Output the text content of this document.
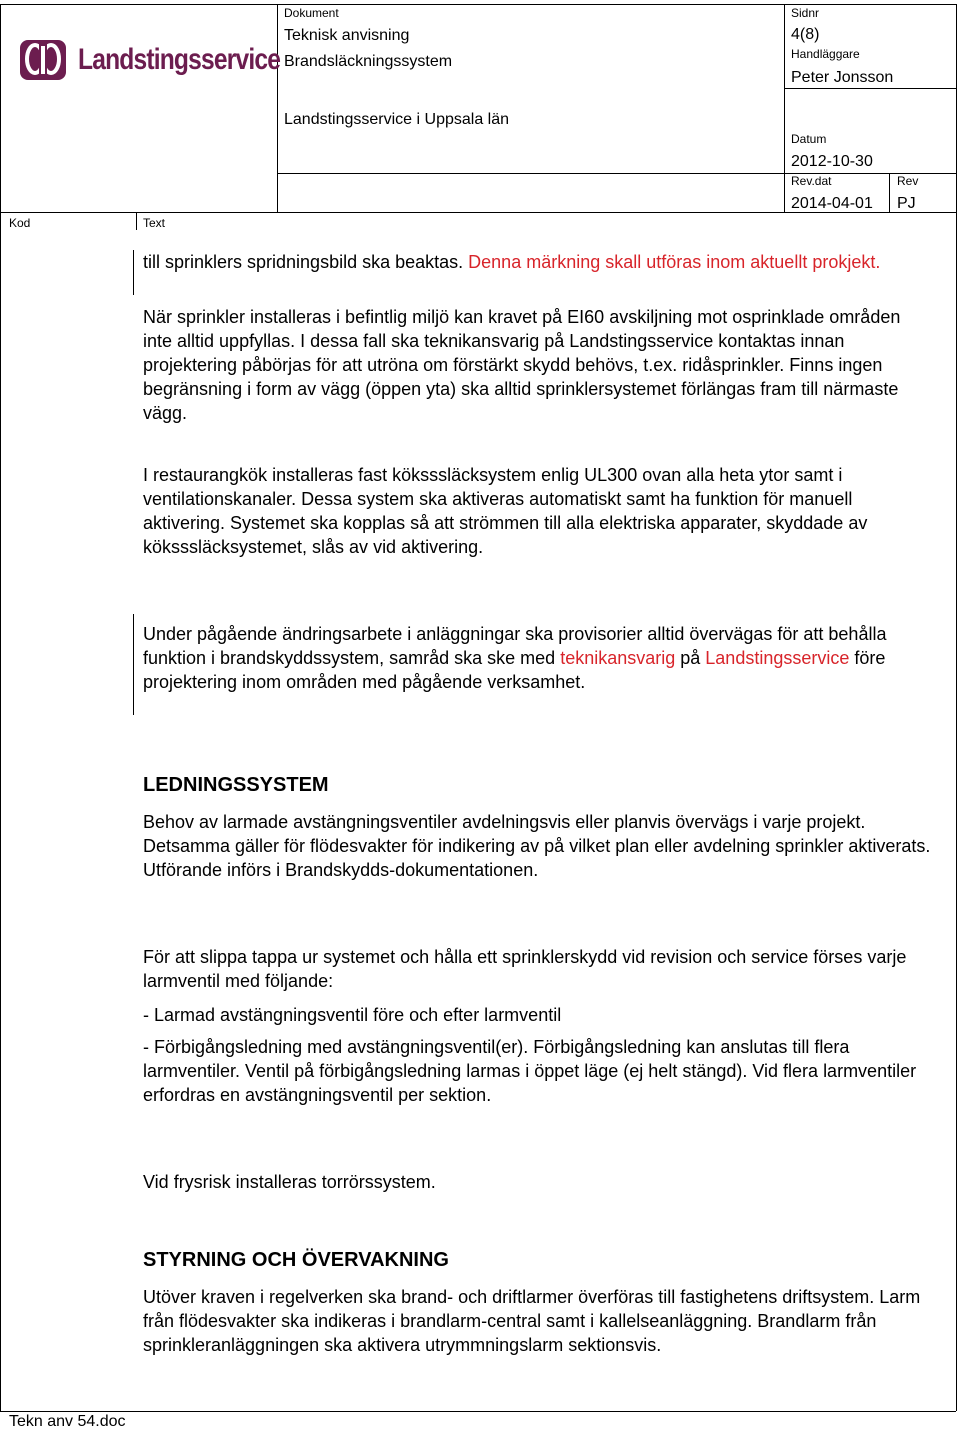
Landstingsservice
Dokument
Teknisk anvisning
Brandsläckningssystem
Landstingsservice i Uppsala län
Sidnr
4(8)
Handläggare
Peter Jonsson
Datum
2012-10-30
Rev.dat
2014-04-01
Rev
PJ
Kod	Text

till sprinklers spridningsbild ska beaktas. Denna märkning skall utföras inom aktuellt prokjekt.

När sprinkler installeras i befintlig miljö kan kravet på EI60 avskiljning mot osprinklade områden inte alltid uppfyllas. I dessa fall ska teknikansvarig på Landstingsservice kontaktas innan projektering påbörjas för att utröna om förstärkt skydd behövs, t.ex. ridåsprinkler. Finns ingen begränsning i form av vägg (öppen yta) ska alltid sprinklersystemet förlängas fram till närmaste vägg.

I restaurangkök installeras fast köksssläcksystem enlig UL300 ovan alla heta ytor samt i ventilationskanaler. Dessa system ska aktiveras automatiskt samt ha funktion för manuell aktivering. Systemet ska kopplas så att strömmen till alla elektriska apparater, skyddade av köksssläcksystemet, slås av vid aktivering.

Under pågående ändringsarbete i anläggningar ska provisorier alltid övervägas för att behålla funktion i brandskyddssystem, samråd ska ske med teknikansvarig på Landstingsservice före projektering inom områden med pågående verksamhet.

LEDNINGSSYSTEM

Behov av larmade avstängningsventiler avdelningsvis eller planvis övervägs i varje projekt. Detsamma gäller för flödesvakter för indikering av på vilket plan eller avdelning sprinkler aktiverats. Utförande införs i Brandskydds-dokumentationen.

För att slippa tappa ur systemet och hålla ett sprinklerskydd vid revision och service förses varje larmventil med följande:

- Larmad avstängningsventil före och efter larmventil

- Förbigångsledning med avstängningsventil(er). Förbigångsledning kan anslutas till flera larmventiler. Ventil på förbigångsledning larmas i öppet läge (ej helt stängd). Vid flera larmventiler erfordras en avstängningsventil per sektion.

Vid frysrisk installeras torrörssystem.

STYRNING OCH ÖVERVAKNING

Utöver kraven i regelverken ska brand- och driftlarmer överföras till fastighetens driftsystem. Larm från flödesvakter ska indikeras i brandlarm-central samt i kallelseanläggning. Brandlarm från sprinkleranläggningen ska aktivera utrymmningslarm sektionsvis.

Tekn anv 54.doc
